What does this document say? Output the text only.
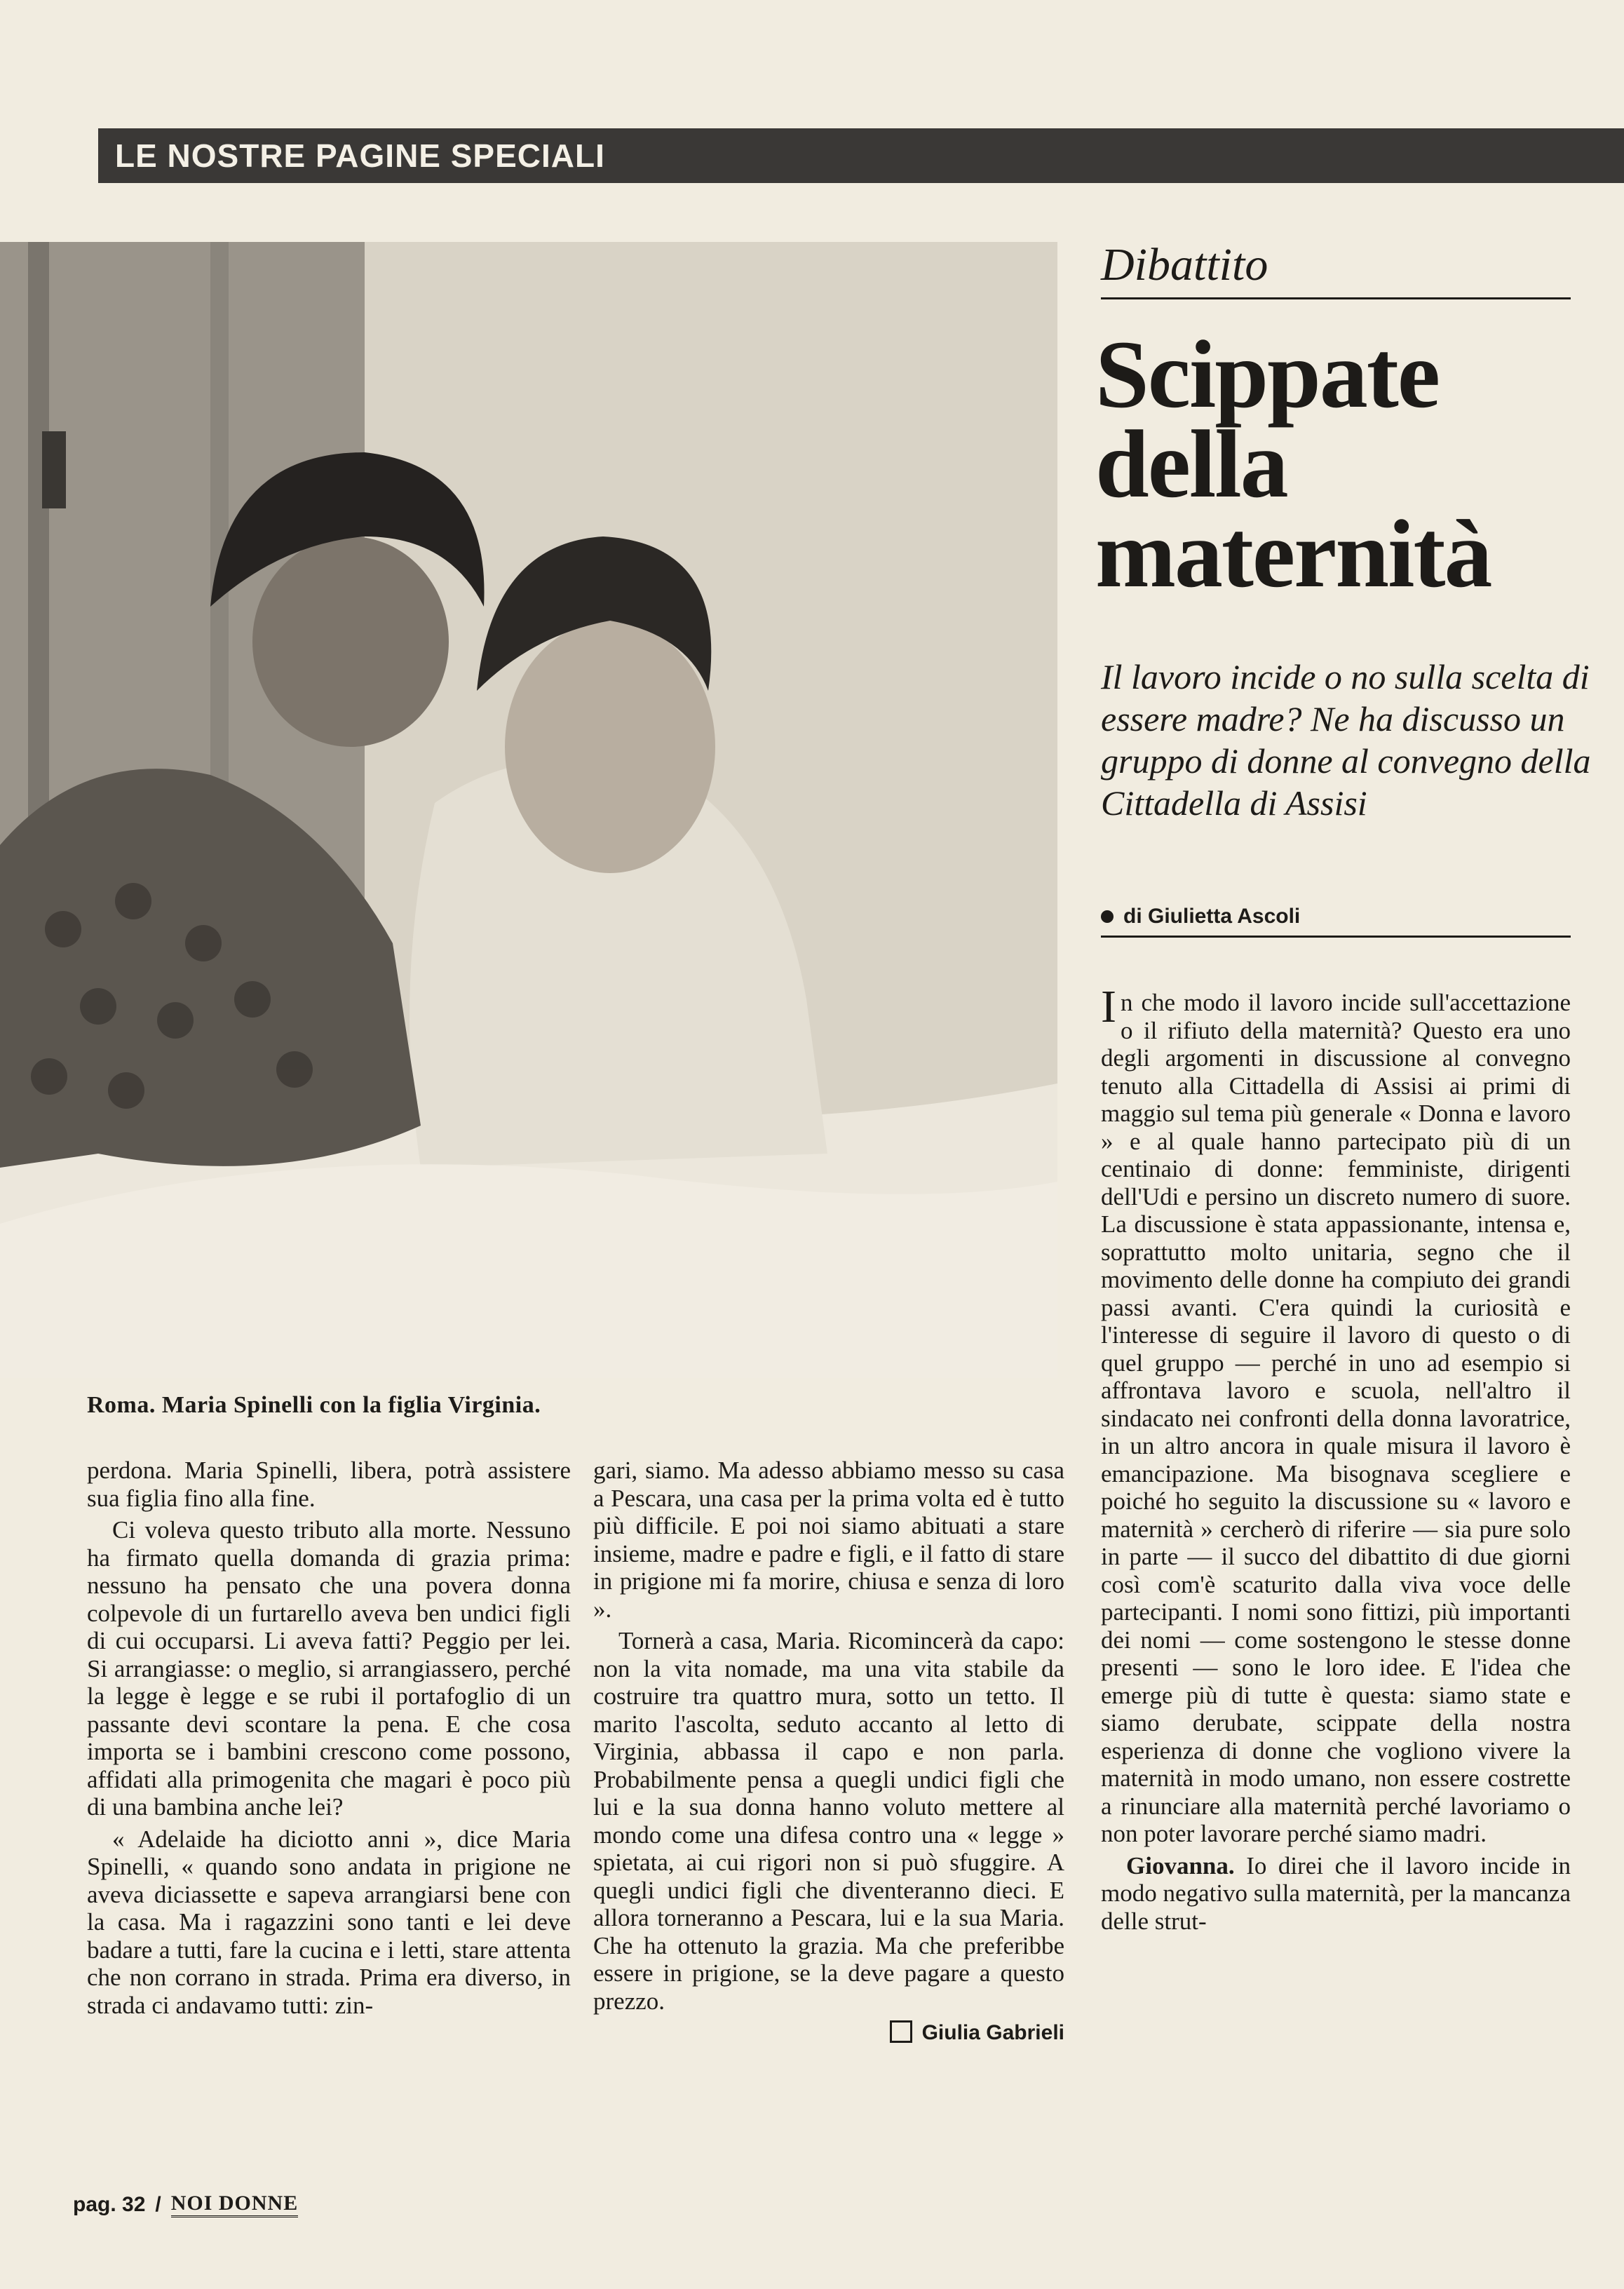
LE NOSTRE PAGINE SPECIALI
Roma. Maria Spinelli con la figlia Virginia.
Dibattito
Scippate
della
maternità
Il lavoro incide o no sulla scelta di essere madre? Ne ha discusso un gruppo di donne al convegno della Cittadella di Assisi
di Giulietta Ascoli

perdona. Maria Spinelli, libera, potrà assistere sua figlia fino alla fine.

Ci voleva questo tributo alla morte. Nessuno ha firmato quella domanda di grazia prima: nessuno ha pensato che una povera donna colpevole di un furtarello aveva ben undici figli di cui occuparsi. Li aveva fatti? Peggio per lei. Si arrangiasse: o meglio, si arrangiassero, perché la legge è legge e se rubi il portafoglio di un passante devi scontare la pena. E che cosa importa se i bambini crescono come possono, affidati alla primogenita che magari è poco più di una bambina anche lei?

« Adelaide ha diciotto anni », dice Maria Spinelli, « quando sono andata in prigione ne aveva diciassette e sapeva arrangiarsi bene con la casa. Ma i ragazzini sono tanti e lei deve badare a tutti, fare la cucina e i letti, stare attenta che non corrano in strada. Prima era diverso, in strada ci andavamo tutti: zin-

gari, siamo. Ma adesso abbiamo messo su casa a Pescara, una casa per la prima volta ed è tutto più difficile. E poi noi siamo abituati a stare insieme, madre e padre e figli, e il fatto di stare in prigione mi fa morire, chiusa e senza di loro ».

Tornerà a casa, Maria. Ricomincerà da capo: non la vita nomade, ma una vita stabile da costruire tra quattro mura, sotto un tetto. Il marito l'ascolta, seduto accanto al letto di Virginia, abbassa il capo e non parla. Probabilmente pensa a quegli undici figli che lui e la sua donna hanno voluto mettere al mondo come una difesa contro una « legge » spietata, ai cui rigori non si può sfuggire. A quegli undici figli che diventeranno dieci. E allora torneranno a Pescara, lui e la sua Maria. Che ha ottenuto la grazia. Ma che preferibbe essere in prigione, se la deve pagare a questo prezzo.

Giulia Gabrieli

In che modo il lavoro incide sull'accettazione o il rifiuto della maternità? Questo era uno degli argomenti in discussione al convegno tenuto alla Cittadella di Assisi ai primi di maggio sul tema più generale « Donna e lavoro » e al quale hanno partecipato più di un centinaio di donne: femministe, dirigenti dell'Udi e persino un discreto numero di suore. La discussione è stata appassionante, intensa e, soprattutto molto unitaria, segno che il movimento delle donne ha compiuto dei grandi passi avanti. C'era quindi la curiosità e l'interesse di seguire il lavoro di questo o di quel gruppo — perché in uno ad esempio si affrontava lavoro e scuola, nell'altro il sindacato nei confronti della donna lavoratrice, in un altro ancora in quale misura il lavoro è emancipazione. Ma bisognava scegliere e poiché ho seguito la discussione su « lavoro e maternità » cercherò di riferire — sia pure solo in parte — il succo del dibattito di due giorni così com'è scaturito dalla viva voce delle partecipanti. I nomi sono fittizi, più importanti dei nomi — come sostengono le stesse donne presenti — sono le loro idee. E l'idea che emerge più di tutte è questa: siamo state e siamo derubate, scippate della nostra esperienza di donne che vogliono vivere la maternità in modo umano, non essere costrette a rinunciare alla maternità perché lavoriamo o non poter lavorare perché siamo madri.

Giovanna. Io direi che il lavoro incide in modo negativo sulla maternità, per la mancanza delle strut-

pag. 32 / NOI DONNE
